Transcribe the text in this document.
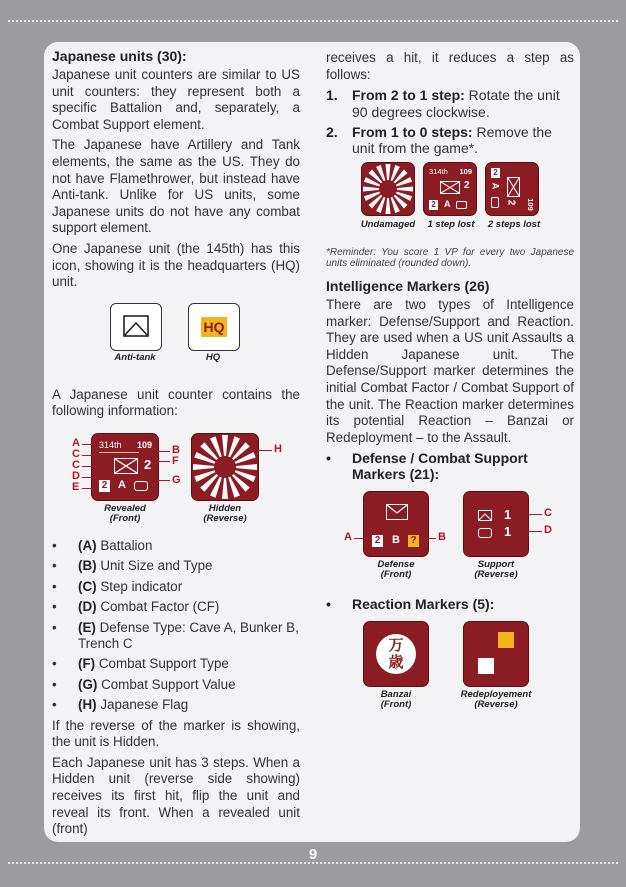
Japanese units (30):

Japanese unit counters are similar to US unit counters: they represent both a specific Battalion and, separately, a Combat Support element.

The Japanese have Artillery and Tank elements, the same as the US. They do not have Flamethrower, but instead have Anti-tank. Unlike for US units, some Japanese units do not have any combat support element.

One Japanese unit (the 145th) has this icon, showing it is the headquarters (HQ) unit.

Anti-tank
HQ
HQ

A Japanese unit counter contains the following information:

314th 109
2
2 A
Revealed
(Front)
A
C
C
D
E
B
F
G
H
Hidden
(Reverse)
• (A) Battalion
• (B) Unit Size and Type
• (C) Step indicator
• (D) Combat Factor (CF)
• (E) Defense Type: Cave A, Bunker B, Trench C
• (F) Combat Support Type
• (G) Combat Support Value
• (H) Japanese Flag

If the reverse of the marker is showing, the unit is Hidden.

Each Japanese unit has 3 steps. When a Hidden unit (reverse side showing) receives its first hit, flip the unit and reveal its front. When a revealed unit (front)

receives a hit, it reduces a step as follows:

1. From 2 to 1 step: Rotate the unit 90 degrees clockwise.
2. From 1 to 0 steps: Remove the unit from the game*.
314th 109
2
2 A
2
A
2 109
Undamaged	1 step lost	2 steps lost

*Reminder: You score 1 VP for every two Japanese units eliminated (rounded down).

Intelligence Markers (26)

There are two types of Intelligence marker: Defense/Support and Reaction. They are used when a US unit Assaults a Hidden Japanese unit. The Defense/Support marker determines the initial Combat Factor / Combat Support of the unit. The Reaction marker determines its potential Reaction – Banzai or Redeployment – to the Assault.

• Defense / Combat Support Markers (21):
2 B ?
A	B
Defense
(Front)
1
1
C
D
Support
(Reverse)
• Reaction Markers (5):
万歳
Banzai
(Front)
Redeployement
(Reverse)
9
